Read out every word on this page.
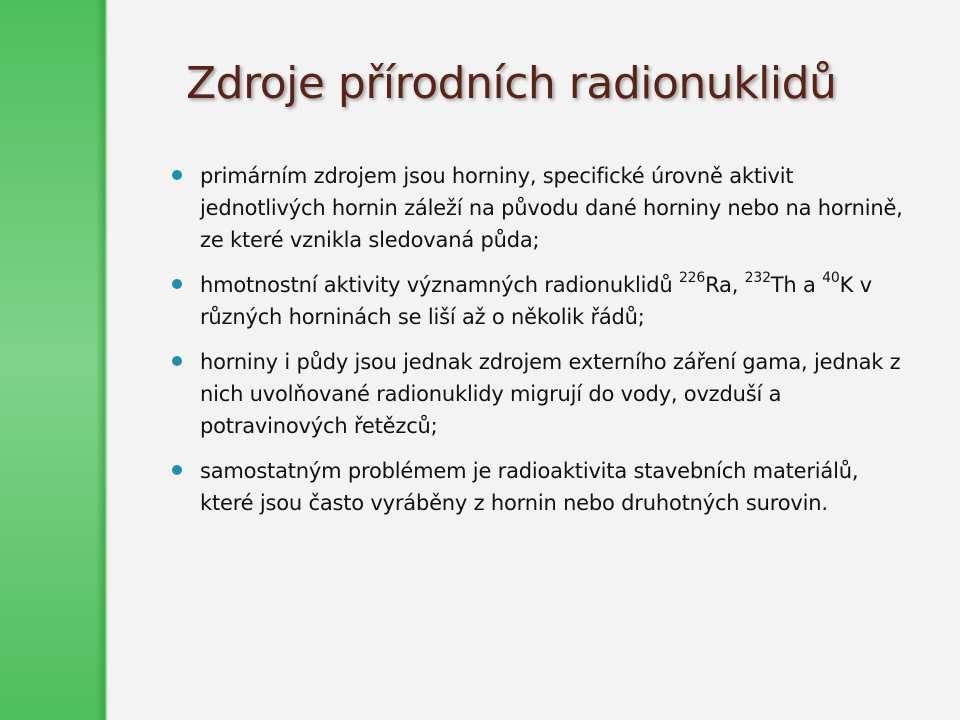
Zdroje přírodních radionuklidů
primárním zdrojem jsou horniny, specifické úrovně aktivit jednotlivých hornin záleží na původu dané horniny nebo na hornině, ze které vznikla sledovaná půda;
hmotnostní aktivity významných radionuklidů $^{226}$Ra, $^{232}$Th a $^{40}$K v různých horninách se liší až o několik řádů;
horniny i půdy jsou jednak zdrojem externího záření gama, jednak z nich uvolňované radionuklidy migrují do vody, ovzduší a potravinových řetězců;
samostatným problémem je radioaktivita stavebních materiálů, které jsou často vyráběny z hornin nebo druhotných surovin.
